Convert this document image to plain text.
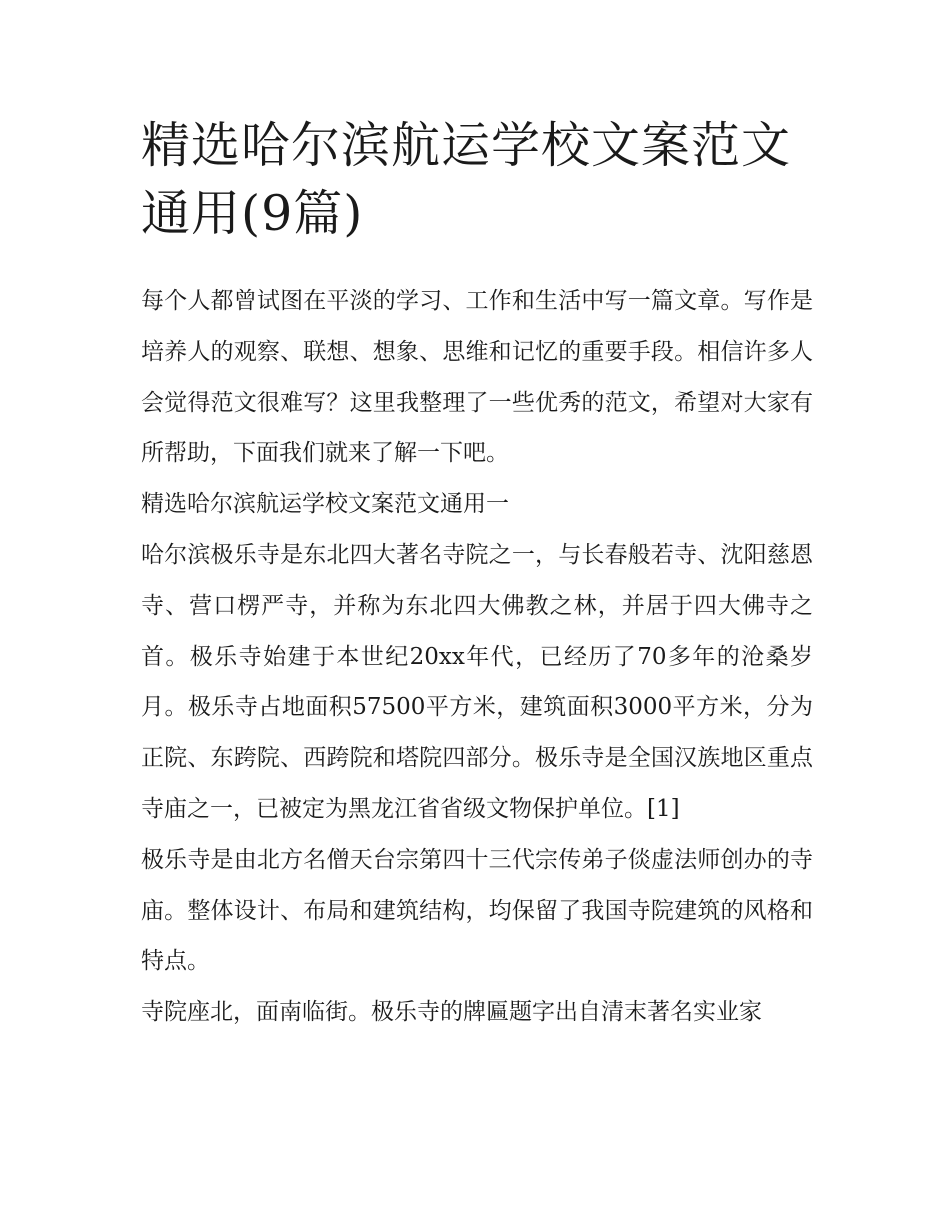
精选哈尔滨航运学校文案范文通用(9篇)

每个人都曾试图在平淡的学习、工作和生活中写一篇文章。写作是培养人的观察、联想、想象、思维和记忆的重要手段。相信许多人会觉得范文很难写？这里我整理了一些优秀的范文，希望对大家有所帮助，下面我们就来了解一下吧。

精选哈尔滨航运学校文案范文通用一

哈尔滨极乐寺是东北四大著名寺院之一，与长春般若寺、沈阳慈恩寺、营口楞严寺，并称为东北四大佛教之林，并居于四大佛寺之首。极乐寺始建于本世纪20xx年代，已经历了70多年的沧桑岁月。极乐寺占地面积57500平方米，建筑面积3000平方米，分为正院、东跨院、西跨院和塔院四部分。极乐寺是全国汉族地区重点寺庙之一，已被定为黑龙江省省级文物保护单位。[1]

极乐寺是由北方名僧天台宗第四十三代宗传弟子倓虚法师创办的寺庙。整体设计、布局和建筑结构，均保留了我国寺院建筑的风格和特点。

寺院座北，面南临街。极乐寺的牌匾题字出自清末著名实业家
